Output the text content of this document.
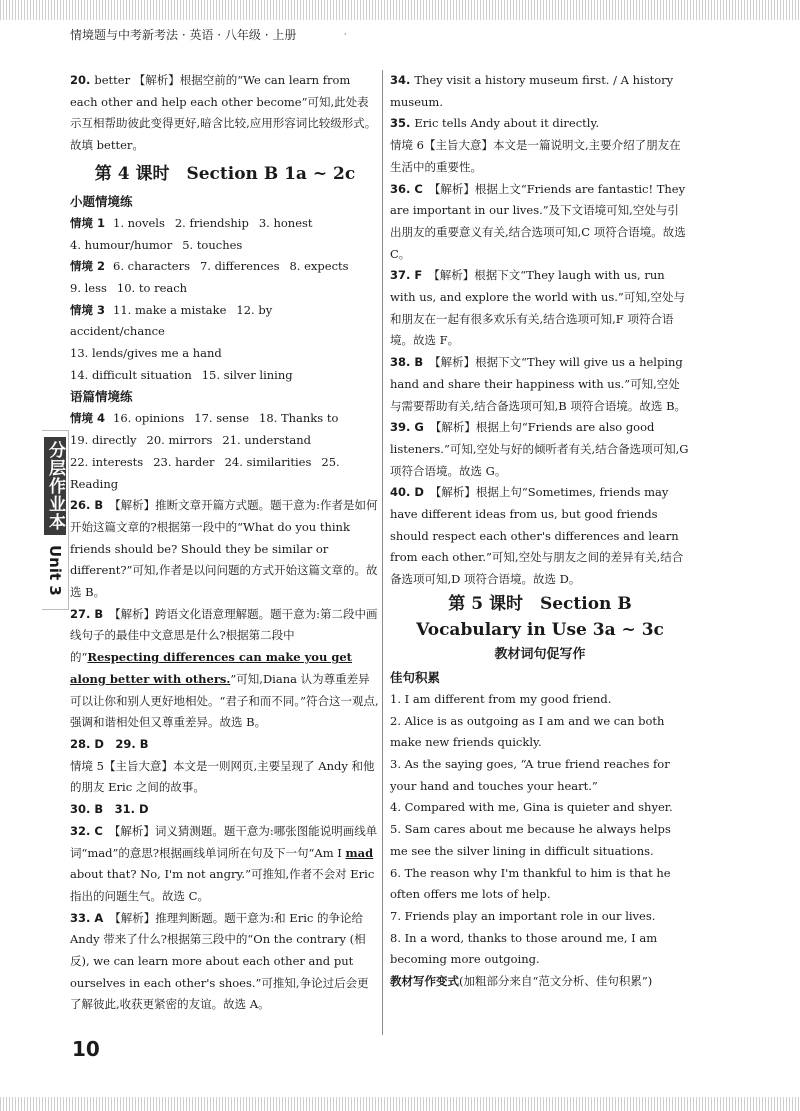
情境题与中考新考法 · 英语 · 八年级 · 上册	·
分层作业本
Unit 3

20. better 【解析】根据空前的“We can learn from each other and help each other become”可知,此处表示互相帮助彼此变得更好,暗含比较,应用形容词比较级形式。故填 better。

第 4 课时　Section B 1a ~ 2c
小题情境练

情境 1 1. novels 2. friendship 3. honest

4. humour/humor 5. touches

情境 2 6. characters 7. differences 8. expects

9. less 10. to reach

情境 3 11. make a mistake 12. by accident/chance

13. lends/gives me a hand

14. difficult situation 15. silver lining

语篇情境练

情境 4 16. opinions 17. sense 18. Thanks to

19. directly 20. mirrors 21. understand

22. interests 23. harder 24. similarities 25. Reading

26. B 【解析】推断文章开篇方式题。题干意为:作者是如何开始这篇文章的?根据第一段中的“What do you think friends should be? Should they be similar or different?”可知,作者是以问问题的方式开始这篇文章的。故选 B。

27. B 【解析】跨语文化语意理解题。题干意为:第二段中画线句子的最佳中文意思是什么?根据第二段中的“Respecting differences can make you get along better with others.”可知,Diana 认为尊重差异可以让你和别人更好地相处。“君子和而不同。”符合这一观点,强调和谐相处但又尊重差异。故选 B。

28. D　29. B

情境 5【主旨大意】本文是一则网页,主要呈现了 Andy 和他的朋友 Eric 之间的故事。

30. B　31. D

32. C 【解析】词义猜测题。题干意为:哪张图能说明画线单词“mad”的意思?根据画线单词所在句及下一句“Am I mad about that? No, I'm not angry.”可推知,作者不会对 Eric 指出的问题生气。故选 C。

33. A 【解析】推理判断题。题干意为:和 Eric 的争论给 Andy 带来了什么?根据第三段中的“On the contrary (相反), we can learn more about each other and put ourselves in each other's shoes.”可推知,争论过后会更了解彼此,收获更紧密的友谊。故选 A。

34. They visit a history museum first. / A history museum.

35. Eric tells Andy about it directly.

情境 6【主旨大意】本文是一篇说明文,主要介绍了朋友在生活中的重要性。

36. C 【解析】根据上文“Friends are fantastic! They are important in our lives.”及下文语境可知,空处与引出朋友的重要意义有关,结合选项可知,C 项符合语境。故选 C。

37. F 【解析】根据下文“They laugh with us, run with us, and explore the world with us.”可知,空处与和朋友在一起有很多欢乐有关,结合选项可知,F 项符合语境。故选 F。

38. B 【解析】根据下文“They will give us a helping hand and share their happiness with us.”可知,空处与需要帮助有关,结合备选项可知,B 项符合语境。故选 B。

39. G 【解析】根据上句“Friends are also good listeners.”可知,空处与好的倾听者有关,结合备选项可知,G 项符合语境。故选 G。

40. D 【解析】根据上句“Sometimes, friends may have different ideas from us, but good friends should respect each other's differences and learn from each other.”可知,空处与朋友之间的差异有关,结合备选项可知,D 项符合语境。故选 D。

第 5 课时　Section B
Vocabulary in Use 3a ~ 3c
教材词句促写作
佳句积累

1. I am different from my good friend.

2. Alice is as outgoing as I am and we can both make new friends quickly.

3. As the saying goes, “A true friend reaches for your hand and touches your heart.”

4. Compared with me, Gina is quieter and shyer.

5. Sam cares about me because he always helps me see the silver lining in difficult situations.

6. The reason why I'm thankful to him is that he often offers me lots of help.

7. Friends play an important role in our lives.

8. In a word, thanks to those around me, I am becoming more outgoing.

教材写作变式(加粗部分来自“范文分析、佳句积累”)

10
